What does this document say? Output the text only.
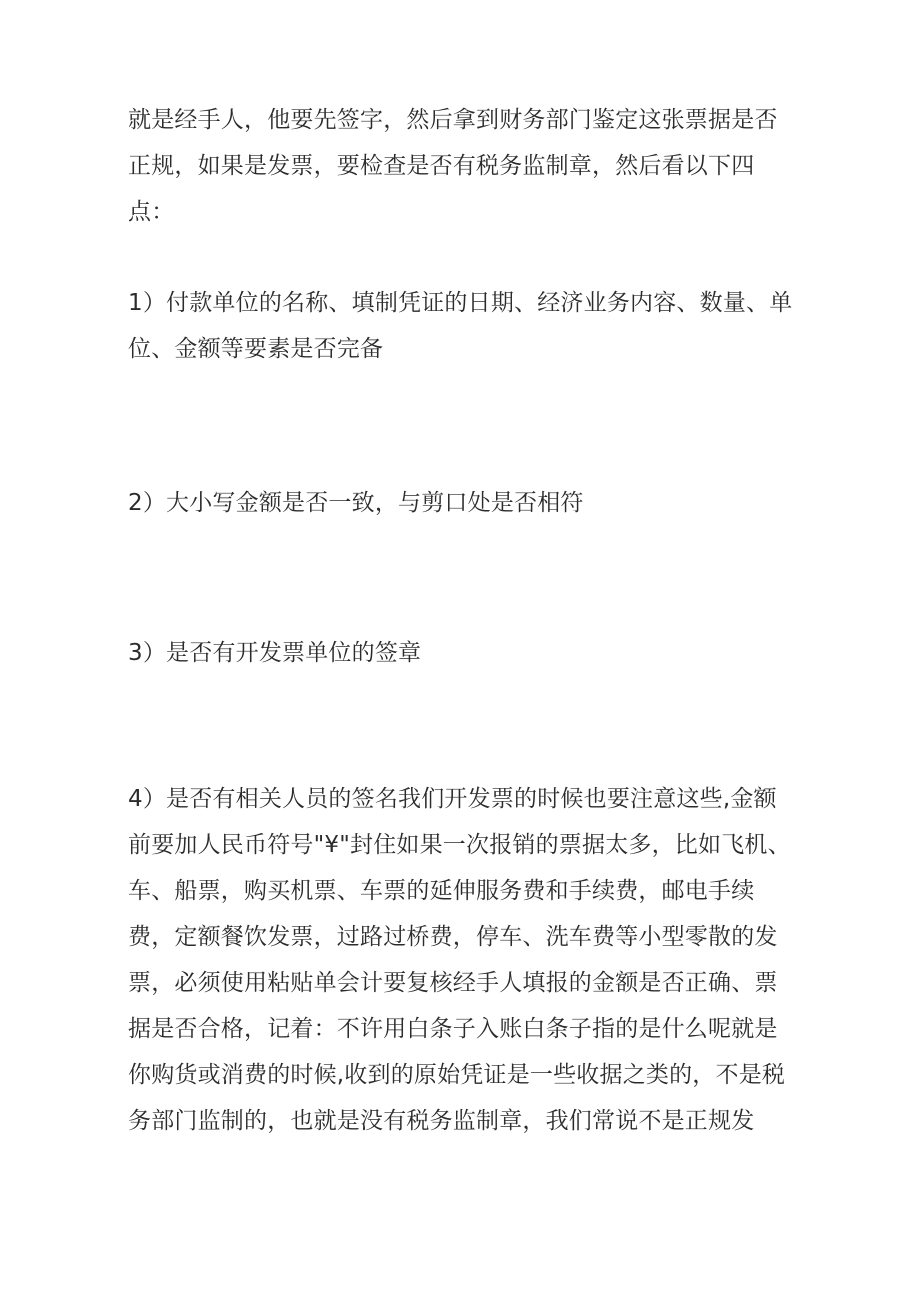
就是经手人，他要先签字，然后拿到财务部门鉴定这张票据是否正规，如果是发票，要检查是否有税务监制章，然后看以下四点：

1）付款单位的名称、填制凭证的日期、经济业务内容、数量、单位、金额等要素是否完备

2）大小写金额是否一致，与剪口处是否相符

3）是否有开发票单位的签章

4）是否有相关人员的签名我们开发票的时候也要注意这些,金额前要加人民币符号"¥"封住如果一次报销的票据太多，比如飞机、车、船票，购买机票、车票的延伸服务费和手续费，邮电手续费，定额餐饮发票，过路过桥费，停车、洗车费等小型零散的发票，必须使用粘贴单会计要复核经手人填报的金额是否正确、票据是否合格，记着：不许用白条子入账白条子指的是什么呢就是你购货或消费的时候,收到的原始凭证是一些收据之类的，不是税务部门监制的，也就是没有税务监制章，我们常说不是正规发
